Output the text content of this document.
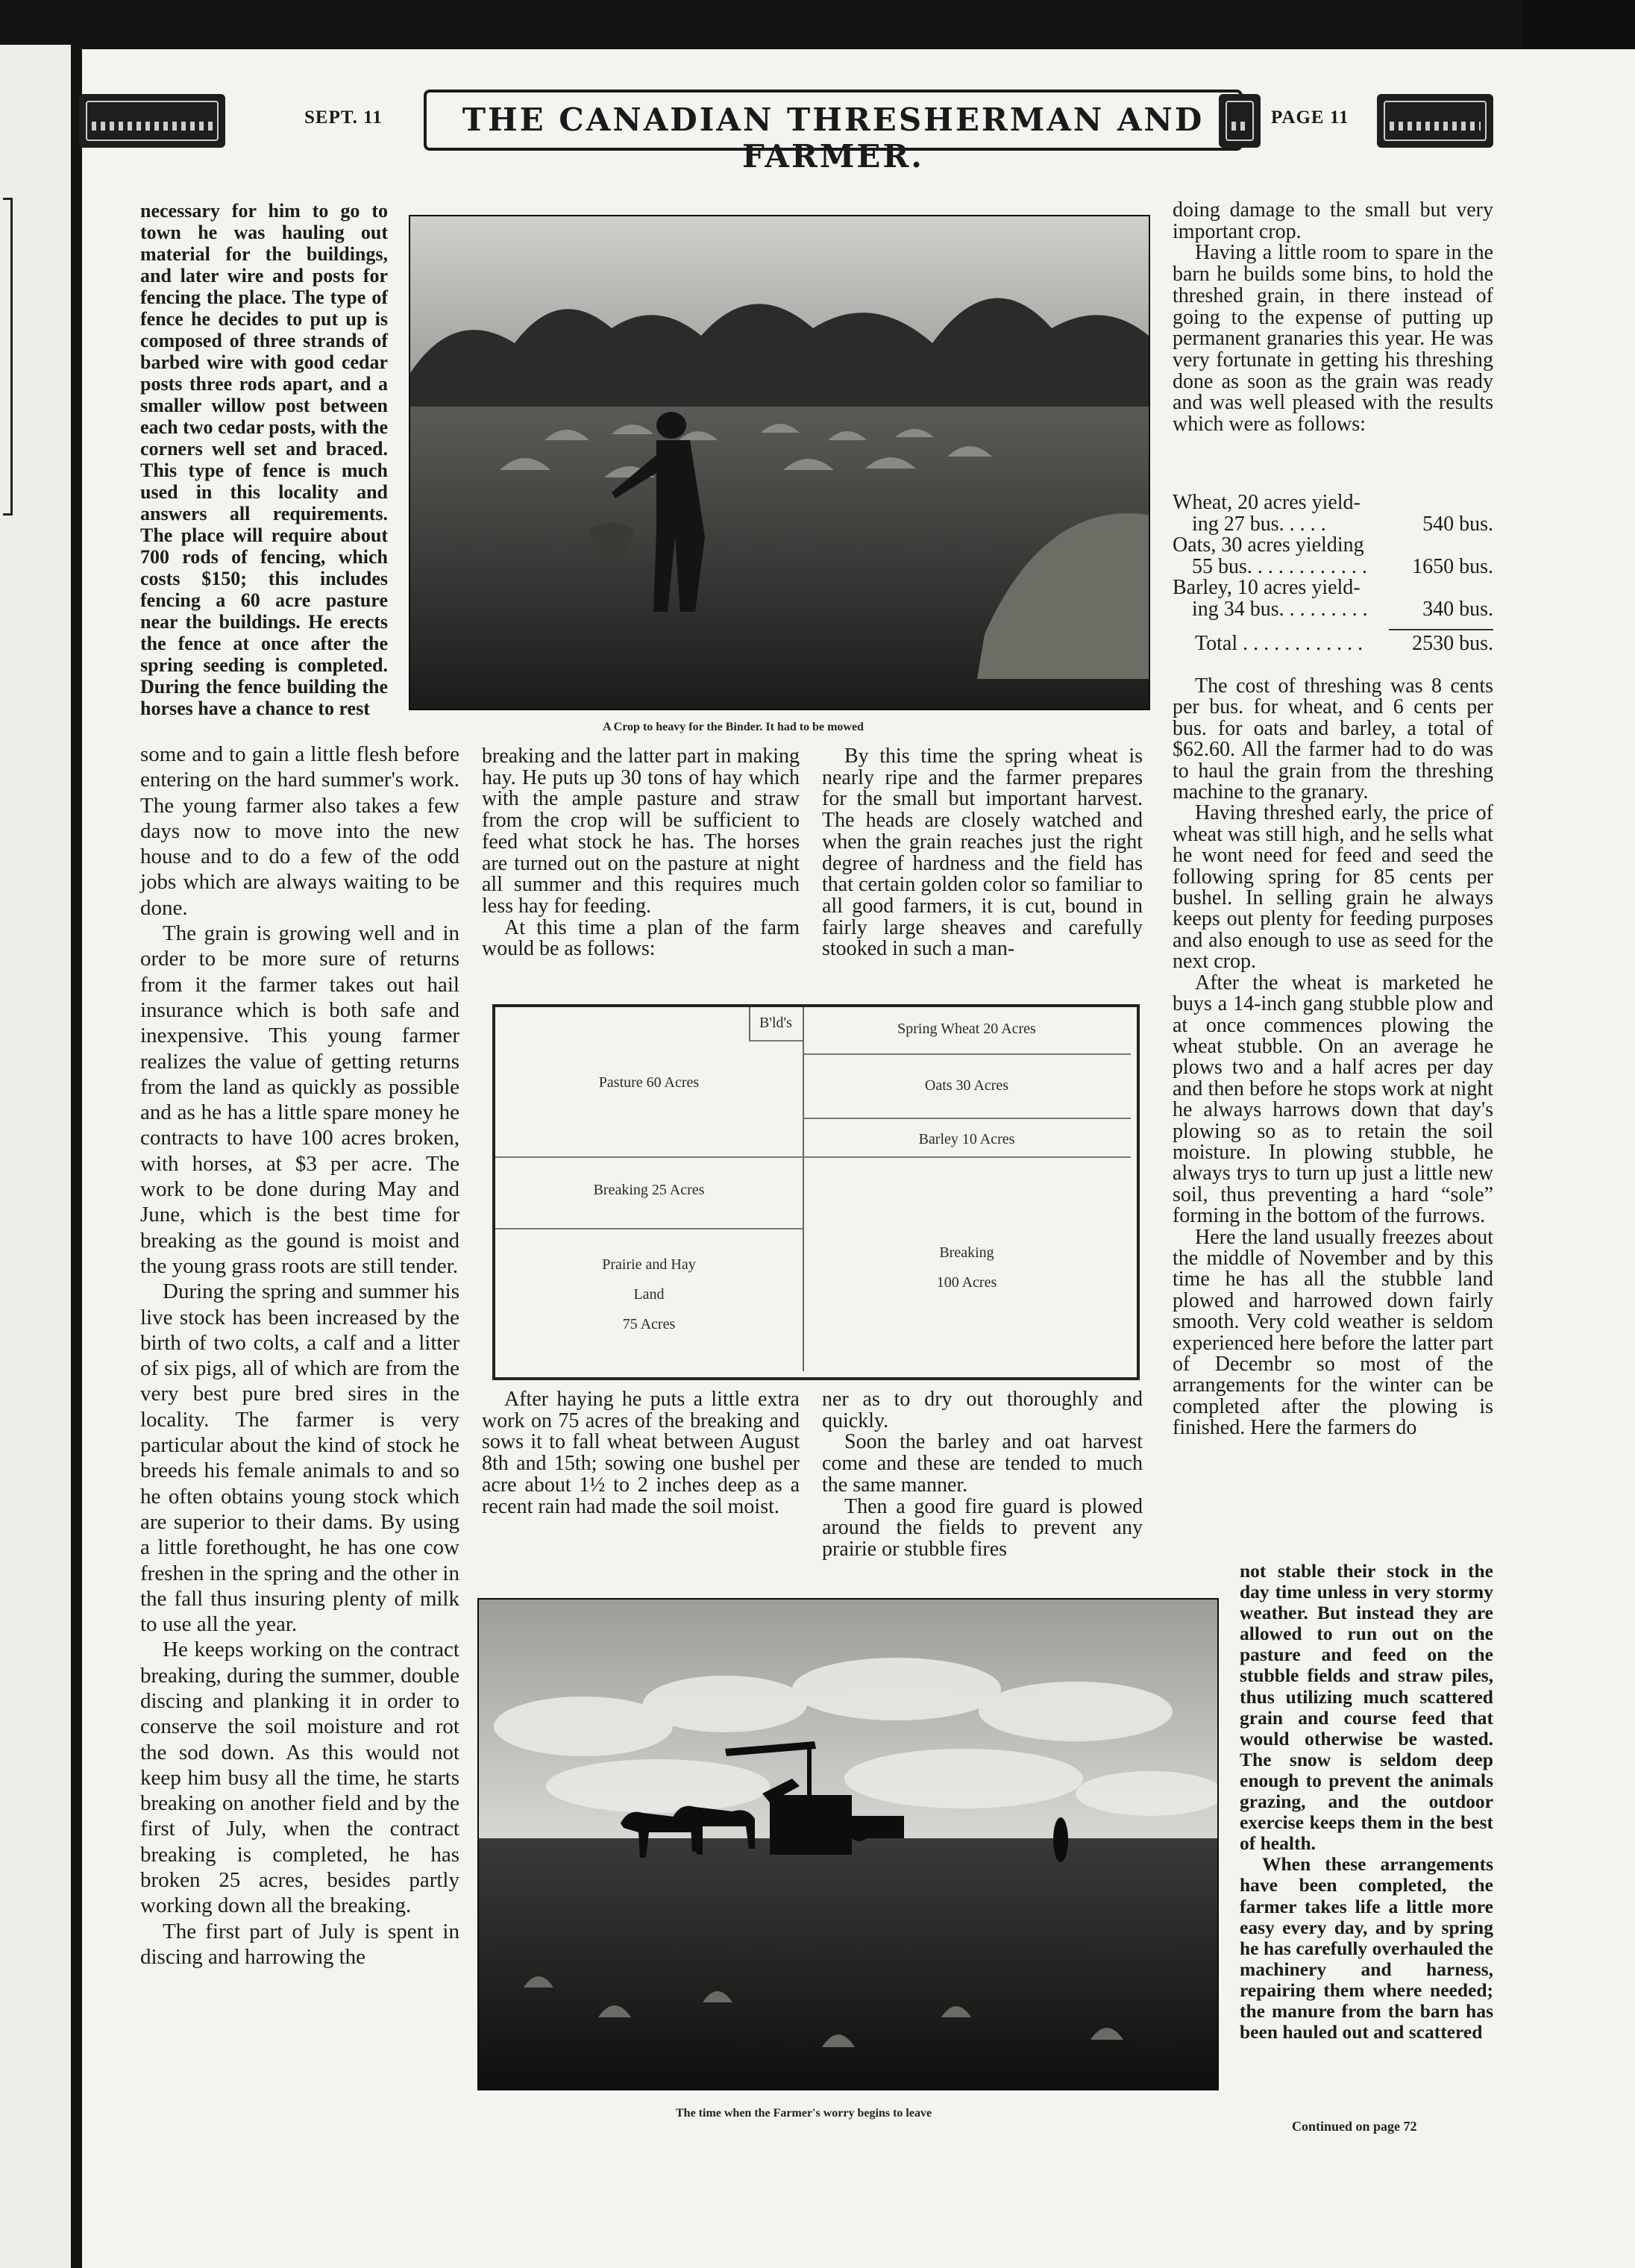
SEPT. 11	THE CANADIAN THRESHERMAN AND FARMER.
PAGE 11

necessary for him to go to town he was hauling out material for the buildings, and later wire and posts for fencing the place. The type of fence he decides to put up is composed of three strands of barbed wire with good cedar posts three rods apart, and a smaller willow post between each two cedar posts, with the corners well set and braced. This type of fence is much used in this locality and answers all requirements. The place will require about 700 rods of fencing, which costs $150; this includes fencing a 60 acre pasture near the buildings. He erects the fence at once after the spring seeding is completed. During the fence building the horses have a chance to rest

A Crop to heavy for the Binder. It had to be mowed

some and to gain a little flesh before entering on the hard summer's work. The young farmer also takes a few days now to move into the new house and to do a few of the odd jobs which are always waiting to be done.

The grain is growing well and in order to be more sure of returns from it the farmer takes out hail insurance which is both safe and inexpensive. This young farmer realizes the value of getting returns from the land as quickly as possible and as he has a little spare money he contracts to have 100 acres broken, with horses, at $3 per acre. The work to be done during May and June, which is the best time for breaking as the gound is moist and the young grass roots are still tender.

During the spring and summer his live stock has been increased by the birth of two colts, a calf and a litter of six pigs, all of which are from the very best pure bred sires in the locality. The farmer is very particular about the kind of stock he breeds his female animals to and so he often obtains young stock which are superior to their dams. By using a little forethought, he has one cow freshen in the spring and the other in the fall thus insuring plenty of milk to use all the year.

He keeps working on the contract breaking, during the summer, double discing and planking it in order to conserve the soil moisture and rot the sod down. As this would not keep him busy all the time, he starts breaking on another field and by the first of July, when the contract breaking is completed, he has broken 25 acres, besides partly working down all the breaking.

The first part of July is spent in discing and harrowing the

breaking and the latter part in making hay. He puts up 30 tons of hay which with the ample pasture and straw from the crop will be sufficient to feed what stock he has. The horses are turned out on the pasture at night all summer and this requires much less hay for feeding.

At this time a plan of the farm would be as follows:

By this time the spring wheat is nearly ripe and the farmer prepares for the small but important harvest. The heads are closely watched and when the grain reaches just the right degree of hardness and the field has that certain golden color so familiar to all good farmers, it is cut, bound in fairly large sheaves and carefully stooked in such a man-

B'ld's	Spring Wheat 20 Acres
Pasture 60 Acres	Oats 30 Acres
Barley 10 Acres
Breaking 25 Acres
Prairie and Hay
Land
75 Acres
Breaking
100 Acres

After haying he puts a little extra work on 75 acres of the breaking and sows it to fall wheat between August 8th and 15th; sowing one bushel per acre about 1½ to 2 inches deep as a recent rain had made the soil moist.

ner as to dry out thoroughly and quickly.

Soon the barley and oat harvest come and these are tended to much the same manner.

Then a good fire guard is plowed around the fields to prevent any prairie or stubble fires

doing damage to the small but very important crop.

Having a little room to spare in the barn he builds some bins, to hold the threshed grain, in there instead of going to the expense of putting up permanent granaries this year. He was very fortunate in getting his threshing done as soon as the grain was ready and was well pleased with the results which were as follows:

Wheat, 20 acres yield-
ing 27 bus. . . . .	540 bus.
Oats, 30 acres yielding
55 bus. . . . . . . . . . . . 1650 bus.
Barley, 10 acres yield-
ing 34 bus. . . . . . . . .	340 bus.
Total . . . . . . . . . . . . 2530 bus.

The cost of threshing was 8 cents per bus. for wheat, and 6 cents per bus. for oats and barley, a total of $62.60. All the farmer had to do was to haul the grain from the threshing machine to the granary.

Having threshed early, the price of wheat was still high, and he sells what he wont need for feed and seed the following spring for 85 cents per bushel. In selling grain he always keeps out plenty for feeding purposes and also enough to use as seed for the next crop.

After the wheat is marketed he buys a 14-inch gang stubble plow and at once commences plowing the wheat stubble. On an average he plows two and a half acres per day and then before he stops work at night he always harrows down that day's plowing so as to retain the soil moisture. In plowing stubble, he always trys to turn up just a little new soil, thus preventing a hard “sole” forming in the bottom of the furrows.

Here the land usually freezes about the middle of November and by this time he has all the stubble land plowed and harrowed down fairly smooth. Very cold weather is seldom experienced here before the latter part of Decembr so most of the arrangements for the winter can be completed after the plowing is finished. Here the farmers do

The time when the Farmer's worry begins to leave

not stable their stock in the day time unless in very stormy weather. But instead they are allowed to run out on the pasture and feed on the stubble fields and straw piles, thus utilizing much scattered grain and course feed that would otherwise be wasted. The snow is seldom deep enough to prevent the animals grazing, and the outdoor exercise keeps them in the best of health.

When these arrangements have been completed, the farmer takes life a little more easy every day, and by spring he has carefully overhauled the machinery and harness, repairing them where needed; the manure from the barn has been hauled out and scattered

Continued on page 72
